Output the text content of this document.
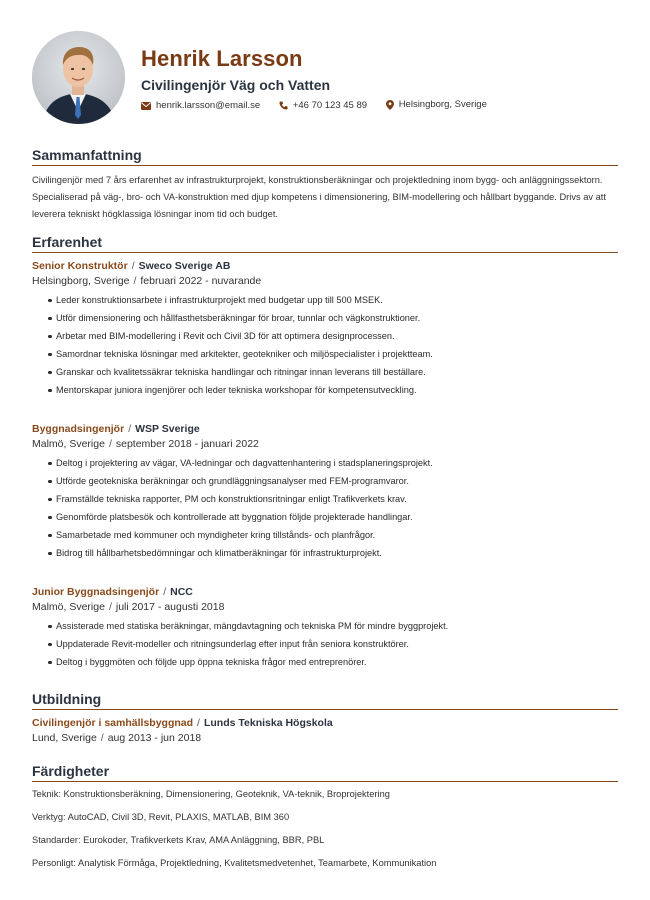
Henrik Larsson
Civilingenjör Väg och Vatten
henrik.larsson@email.se
	+46 70 123 45 89
	Helsingborg, Sverige
Sammanfattning

Civilingenjör med 7 års erfarenhet av infrastrukturprojekt, konstruktionsberäkningar och projektledning inom bygg- och anläggningssektorn. Specialiserad på väg-, bro- och VA-konstruktion med djup kompetens i dimensionering, BIM-modellering och hållbart byggande. Drivs av att leverera tekniskt högklassiga lösningar inom tid och budget.

Erfarenhet
Senior Konstruktör / Sweco Sverige AB
Helsingborg, Sverige / februari 2022 - nuvarande
Leder konstruktionsarbete i infrastrukturprojekt med budgetar upp till 500 MSEK.
Utför dimensionering och hållfasthetsberäkningar för broar, tunnlar och vägkonstruktioner.
Arbetar med BIM-modellering i Revit och Civil 3D för att optimera designprocessen.
Samordnar tekniska lösningar med arkitekter, geotekniker och miljöspecialister i projektteam.
Granskar och kvalitetssäkrar tekniska handlingar och ritningar innan leverans till beställare.
Mentorskapar juniora ingenjörer och leder tekniska workshopar för kompetensutveckling.
Byggnadsingenjör / WSP Sverige
Malmö, Sverige / september 2018 - januari 2022
Deltog i projektering av vägar, VA-ledningar och dagvattenhantering i stadsplaneringsprojekt.
Utförde geotekniska beräkningar och grundläggningsanalyser med FEM-programvaror.
Framställde tekniska rapporter, PM och konstruktionsritningar enligt Trafikverkets krav.
Genomförde platsbesök och kontrollerade att byggnation följde projekterade handlingar.
Samarbetade med kommuner och myndigheter kring tillstånds- och planfrågor.
Bidrog till hållbarhetsbedömningar och klimatberäkningar för infrastrukturprojekt.
Junior Byggnadsingenjör / NCC
Malmö, Sverige / juli 2017 - augusti 2018
Assisterade med statiska beräkningar, mängdavtagning och tekniska PM för mindre byggprojekt.
Uppdaterade Revit-modeller och ritningsunderlag efter input från seniora konstruktörer.
Deltog i byggmöten och följde upp öppna tekniska frågor med entreprenörer.
Utbildning
Civilingenjör i samhällsbyggnad / Lunds Tekniska Högskola
Lund, Sverige / aug 2013 - jun 2018
Färdigheter
Teknik: Konstruktionsberäkning, Dimensionering, Geoteknik, VA-teknik, Broprojektering
Verktyg: AutoCAD, Civil 3D, Revit, PLAXIS, MATLAB, BIM 360
Standarder: Eurokoder, Trafikverkets Krav, AMA Anläggning, BBR, PBL
Personligt: Analytisk Förmåga, Projektledning, Kvalitetsmedvetenhet, Teamarbete, Kommunikation
